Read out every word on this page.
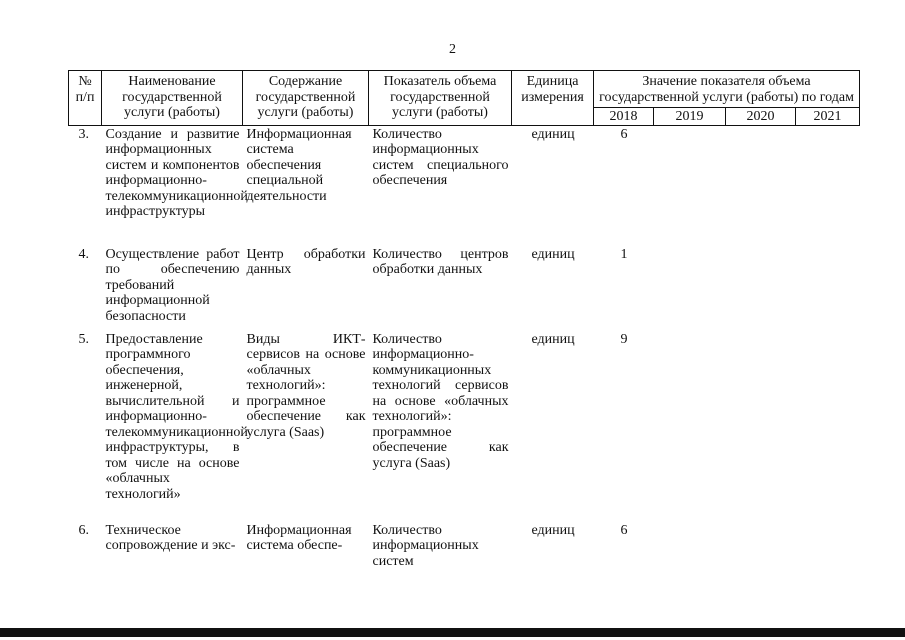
2
№ п/п	Наименование государственной услуги (работы)	Содержание государственной услуги (работы)	Показатель объема государственной услуги (работы)	Единица измерения	Значение показателя объема государственной услуги (работы) по годам			
					2018	2019	2020	2021
3.	Создание и развитие информационных систем и компонентов информационно-телекоммуникационной инфраструктуры	Информационная система обеспечения специальной деятельности	Количество информационных систем специального обеспечения	единиц	6			
4.	Осуществление работ по обеспечению требований информационной безопасности	Центр обработки данных	Количество центров обработки данных	единиц	1			
5.	Предоставление программного обеспечения, инженерной, вычислительной и информационно-телекоммуникационной инфраструктуры, в том числе на основе «облачных технологий»	Виды ИКТ-сервисов на основе «облачных технологий»: программное обеспечение как услуга (Saas)	Количество информационно-коммуникационных технологий сервисов на основе «облачных технологий»: программное обеспечение как услуга (Saas)	единиц	9			
6.	Техническое сопровождение и экс-	Информационная система обеспе-	Количество информационных систем	единиц	6			
